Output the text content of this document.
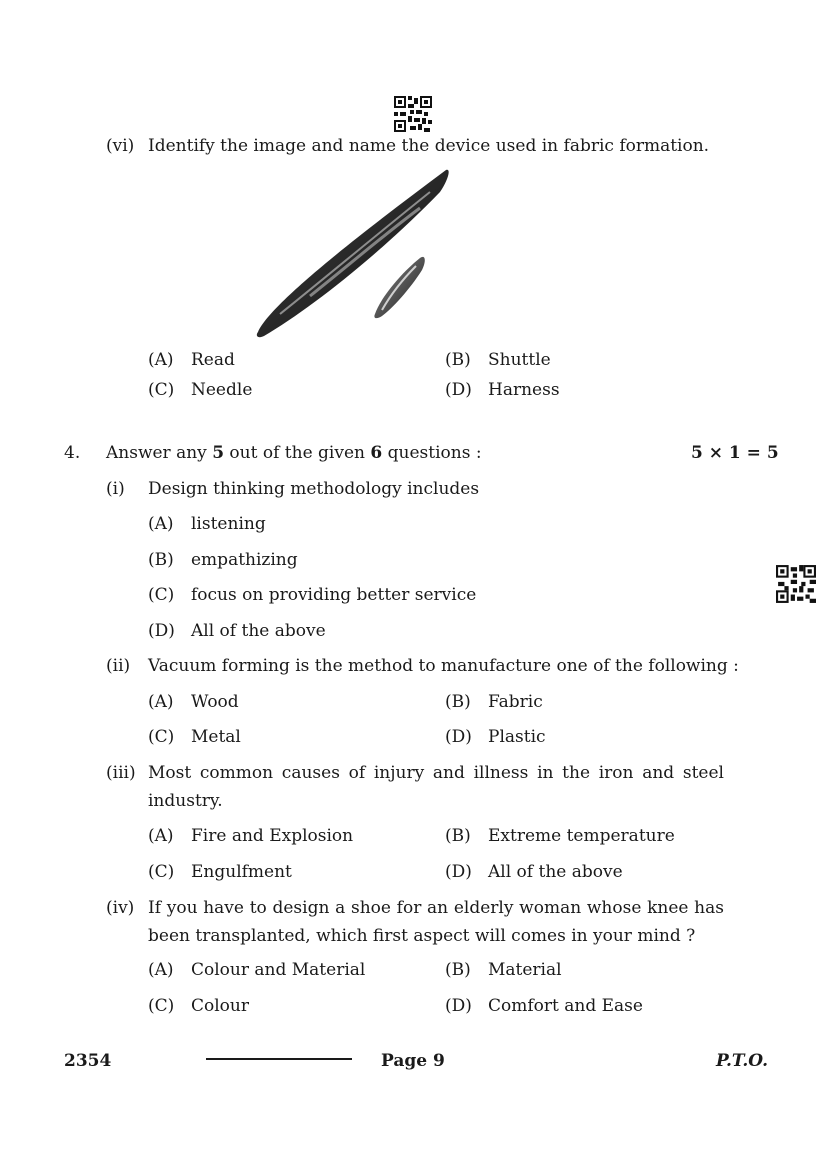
(vi) Identify the image and name the device used in fabric formation.
(A) Read	(B) Shuttle
(C) Needle	(D) Harness
4. Answer any 5 out of the given 6 questions :	5 × 1 = 5
(i) Design thinking methodology includes
(A) listening
(B) empathizing
(C) focus on providing better service
(D) All of the above
(ii) Vacuum forming is the method to manufacture one of the following :
(A) Wood	(B) Fabric
(C) Metal	(D) Plastic
(iii) Most common causes of injury and illness in the iron and steel
industry.
(A) Fire and Explosion	(B) Extreme temperature
(C) Engulfment	(D) All of the above
(iv) If you have to design a shoe for an elderly woman whose knee has
been transplanted, which first aspect will comes in your mind ?
(A) Colour and Material	(B) Material
(C) Colour	(D) Comfort and Ease
2354	Page 9	P.T.O.
